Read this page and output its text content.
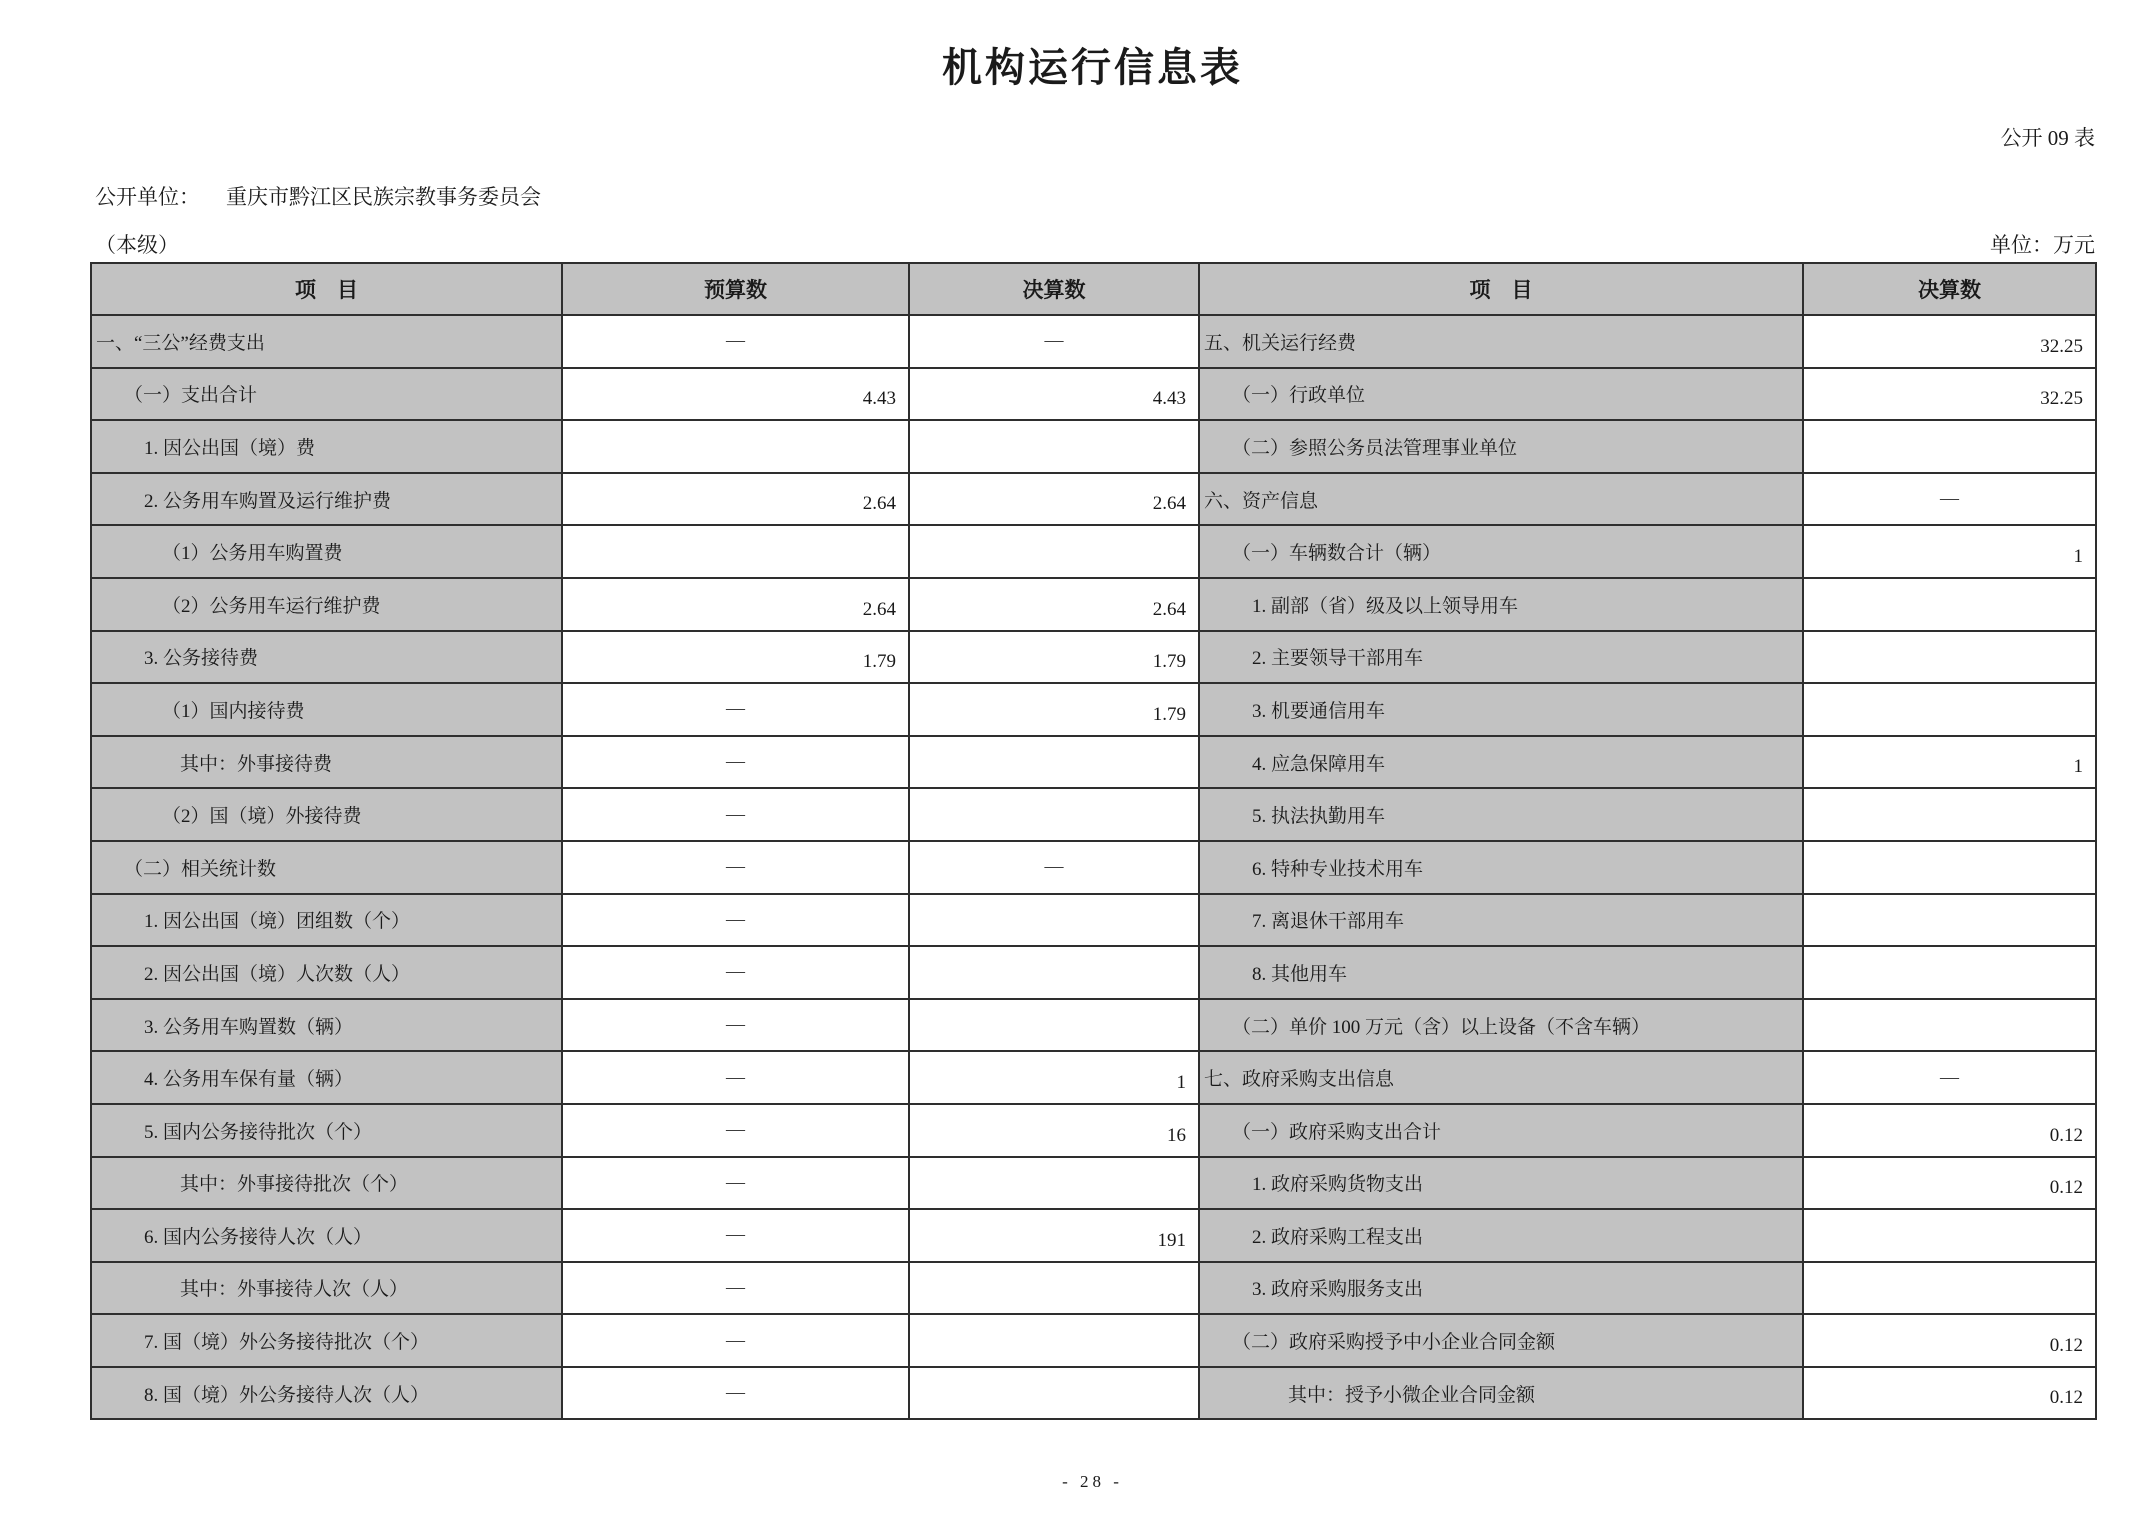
机构运行信息表
公开 09 表
公开单位： 重庆市黔江区民族宗教事务委员会
（本级）	单位：万元
项　目	预算数	决算数	项　目	决算数
一、“三公”经费支出	—	—	五、机关运行经费	32.25
（一）支出合计	4.43	4.43	（一）行政单位	32.25
1. 因公出国（境）费			（二）参照公务员法管理事业单位	
2. 公务用车购置及运行维护费	2.64	2.64	六、资产信息	—
（1）公务用车购置费			（一）车辆数合计（辆）	1
（2）公务用车运行维护费	2.64	2.64	1. 副部（省）级及以上领导用车	
3. 公务接待费	1.79	1.79	2. 主要领导干部用车	
（1）国内接待费	—	1.79	3. 机要通信用车	
其中：外事接待费	—		4. 应急保障用车	1
（2）国（境）外接待费	—		5. 执法执勤用车	
（二）相关统计数	—	—	6. 特种专业技术用车	
1. 因公出国（境）团组数（个）	—		7. 离退休干部用车	
2. 因公出国（境）人次数（人）	—		8. 其他用车	
3. 公务用车购置数（辆）	—		（二）单价 100 万元（含）以上设备（不含车辆）	
4. 公务用车保有量（辆）	—	1	七、政府采购支出信息	—
5. 国内公务接待批次（个）	—	16	（一）政府采购支出合计	0.12
其中：外事接待批次（个）	—		1. 政府采购货物支出	0.12
6. 国内公务接待人次（人）	—	191	2. 政府采购工程支出	
其中：外事接待人次（人）	—		3. 政府采购服务支出	
7. 国（境）外公务接待批次（个）	—		（二）政府采购授予中小企业合同金额	0.12
8. 国（境）外公务接待人次（人）	—		其中：授予小微企业合同金额	0.12
- 28 -
